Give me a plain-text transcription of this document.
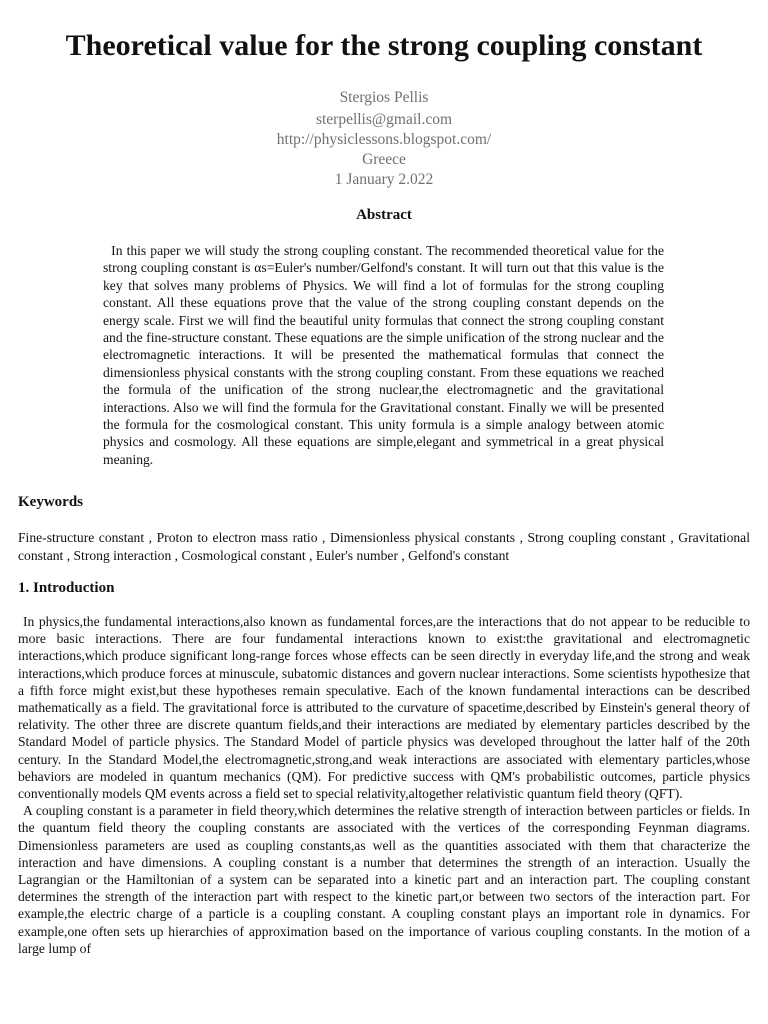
Theoretical value for the strong coupling constant
Stergios Pellis
sterpellis@gmail.com
http://physiclessons.blogspot.com/
Greece
1 January 2.022
Abstract

In this paper we will study the strong coupling constant. The recommended theoretical value for the strong coupling constant is αs=Euler's number/Gelfond's constant. It will turn out that this value is the key that solves many problems of Physics. We will find a lot of formulas for the strong coupling constant. All these equations prove that the value of the strong coupling constant depends on the energy scale. First we will find the beautiful unity formulas that connect the strong coupling constant and the fine-structure constant. These equations are the simple unification of the strong nuclear and the electromagnetic interactions. It will be presented the mathematical formulas that connect the dimensionless physical constants with the strong coupling constant. From these equations we reached the formula of the unification of the strong nuclear,the electromagnetic and the gravitational interactions. Also we will find the formula for the Gravitational constant. Finally we will be presented the formula for the cosmological constant. This unity formula is a simple analogy between atomic physics and cosmology. All these equations are simple,elegant and symmetrical in a great physical meaning.

Keywords

Fine-structure constant , Proton to electron mass ratio , Dimensionless physical constants , Strong coupling constant , Gravitational constant , Strong interaction , Cosmological constant , Euler's number , Gelfond's constant

1. Introduction

In physics,the fundamental interactions,also known as fundamental forces,are the interactions that do not appear to be reducible to more basic interactions. There are four fundamental interactions known to exist:the gravitational and electromagnetic interactions,which produce significant long-range forces whose effects can be seen directly in everyday life,and the strong and weak interactions,which produce forces at minuscule, subatomic distances and govern nuclear interactions. Some scientists hypothesize that a fifth force might exist,but these hypotheses remain speculative. Each of the known fundamental interactions can be described mathematically as a field. The gravitational force is attributed to the curvature of spacetime,described by Einstein's general theory of relativity. The other three are discrete quantum fields,and their interactions are mediated by elementary particles described by the Standard Model of particle physics. The Standard Model of particle physics was developed throughout the latter half of the 20th century. In the Standard Model,the electromagnetic,strong,and weak interactions are associated with elementary particles,whose behaviors are modeled in quantum mechanics (QM). For predictive success with QM's probabilistic outcomes, particle physics conventionally models QM events across a field set to special relativity,altogether relativistic quantum field theory (QFT).

A coupling constant is a parameter in field theory,which determines the relative strength of interaction between particles or fields. In the quantum field theory the coupling constants are associated with the vertices of the corresponding Feynman diagrams. Dimensionless parameters are used as coupling constants,as well as the quantities associated with them that characterize the interaction and have dimensions. A coupling constant is a number that determines the strength of an interaction. Usually the Lagrangian or the Hamiltonian of a system can be separated into a kinetic part and an interaction part. The coupling constant determines the strength of the interaction part with respect to the kinetic part,or between two sectors of the interaction part. For example,the electric charge of a particle is a coupling constant. A coupling constant plays an important role in dynamics. For example,one often sets up hierarchies of approximation based on the importance of various coupling constants. In the motion of a large lump of
